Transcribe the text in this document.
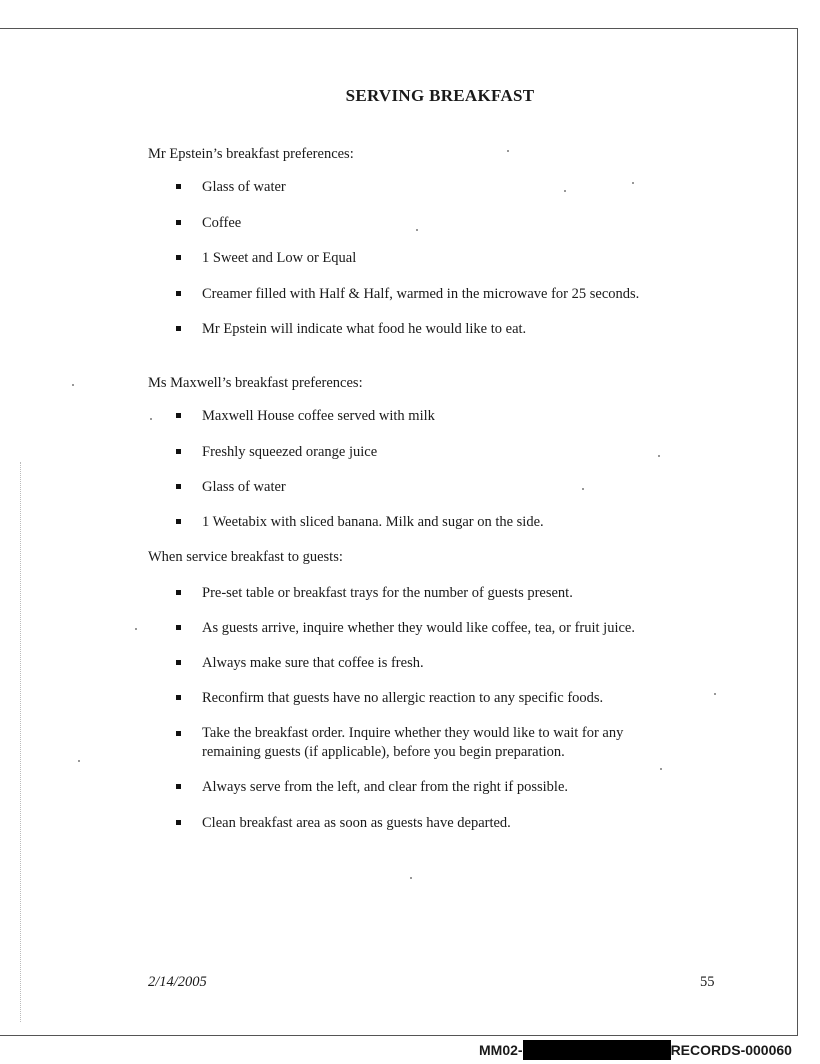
SERVING BREAKFAST
Mr Epstein’s breakfast preferences:
Glass of water
Coffee
1 Sweet and Low or Equal
Creamer filled with Half & Half, warmed in the microwave for 25 seconds.
Mr Epstein will indicate what food he would like to eat.
Ms Maxwell’s breakfast preferences:
Maxwell House coffee served with milk
Freshly squeezed orange juice
Glass of water
1 Weetabix with sliced banana. Milk and sugar on the side.
When service breakfast to guests:
Pre-set table or breakfast trays for the number of guests present.
As guests arrive, inquire whether they would like coffee, tea, or fruit juice.
Always make sure that coffee is fresh.
Reconfirm that guests have no allergic reaction to any specific foods.
Take the breakfast order. Inquire whether they would like to wait for any remaining guests (if applicable), before you begin preparation.
Always serve from the left, and clear from the right if possible.
Clean breakfast area as soon as guests have departed.
2/14/2005	55
MM02-	RECORDS-000060
